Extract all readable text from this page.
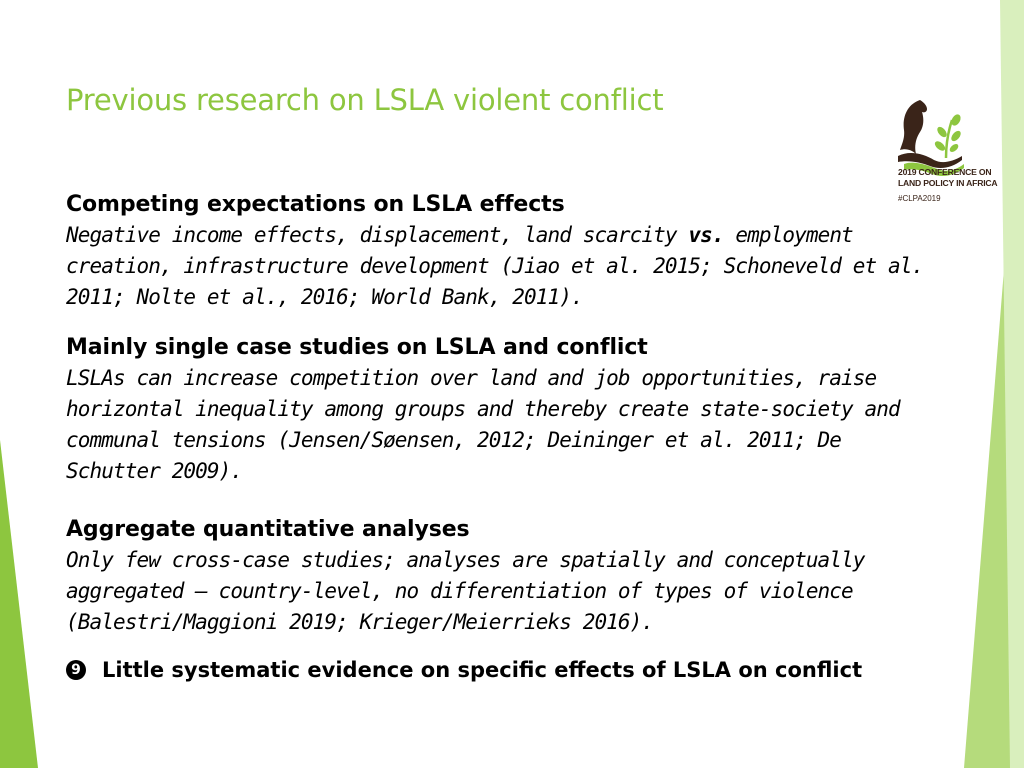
Previous research on LSLA violent conflict
2019 CONFERENCE ON
LAND POLICY IN AFRICA
#CLPA2019
Competing expectations on LSLA effects

Negative income effects, displacement, land scarcity vs. employment creation, infrastructure development (Jiao et al. 2015; Schoneveld et al. 2011; Nolte et al., 2016; World Bank, 2011).

Mainly single case studies on LSLA and conflict

LSLAs can increase competition over land and job opportunities, raise horizontal inequality among groups and thereby create state-society and communal tensions (Jensen/Søensen, 2012; Deininger et al. 2011; De Schutter 2009).

Aggregate quantitative analyses

Only few cross-case studies; analyses are spatially and conceptually aggregated – country-level, no differentiation of types of violence (Balestri/Maggioni 2019; Krieger/Meierrieks 2016).

9 Little systematic evidence on specific effects of LSLA on conflict
